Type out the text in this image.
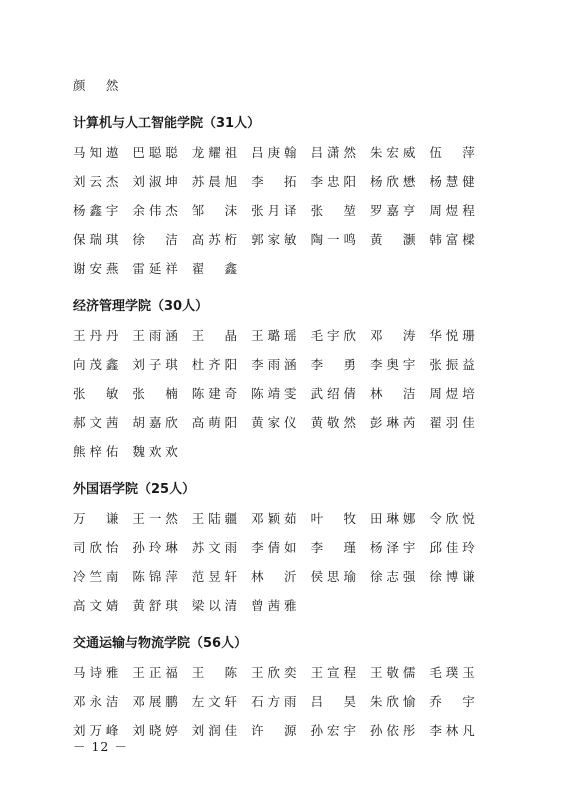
颜 然
计算机与人工智能学院（31人）
马知遨	巴聪聪	龙耀祖	吕庚翰	吕潇然	朱宏威	伍 萍
刘云杰	刘淑坤	苏晨旭	李 拓	李忠阳	杨欣懋	杨慧健
杨鑫宇	余伟杰	邹 沫	张月译	张 堃	罗嘉亨	周煜程
保瑞琪	徐 洁	高苏桁	郭家敏	陶一鸣	黄 灏	韩富樑
谢安燕	雷延祥	翟 鑫
经济管理学院（30人）
王丹丹	王雨涵	王 晶	王璐瑶	毛宇欣	邓 涛	华悦珊
向茂鑫	刘子琪	杜齐阳	李雨涵	李 勇	李奥宇	张振益
张 敏	张 楠	陈建奇	陈靖雯	武绍倩	林 洁	周煜培
郝文茜	胡嘉欣	高萌阳	黄家仪	黄敬然	彭琳芮	翟羽佳
熊梓佑	魏欢欢
外国语学院（25人）
万 谦	王一然	王陆疆	邓颖茹	叶 牧	田琳娜	令欣悦
司欣怡	孙玲琳	苏文雨	李倩如	李 瑾	杨泽宇	邱佳玲
冷竺南	陈锦萍	范昱轩	林 沂	侯思瑜	徐志强	徐博谦
高文婧	黄舒琪	梁以清	曾茜雅
交通运输与物流学院（56人）
马诗雅	王正福	王 陈	王欣奕	王宣程	王敬儒	毛璞玉
邓永洁	邓展鹏	左文轩	石方雨	吕 昊	朱欣愉	乔 宇
刘万峰	刘晓婷	刘润佳	许 源	孙宏宇	孙依彤	李林凡
－ 12 －
